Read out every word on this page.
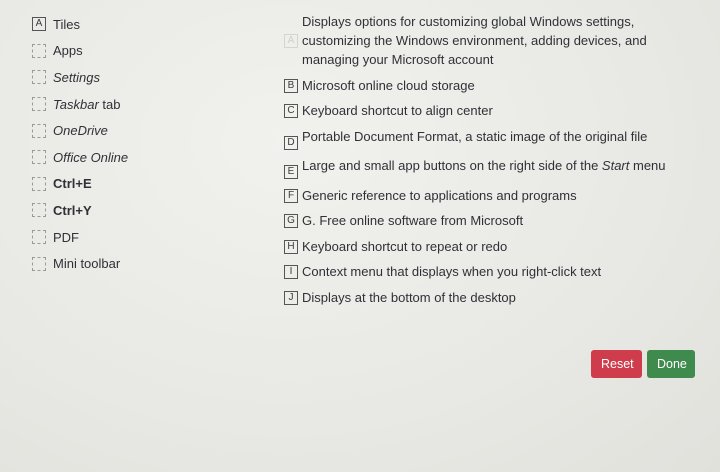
A Tiles
Apps
Settings
Taskbar tab
OneDrive
Office Online
Ctrl+E
Ctrl+Y
PDF
Mini toolbar
A
Displays options for customizing global Windows settings, customizing the Windows environment, adding devices, and managing your Microsoft account
B Microsoft online cloud storage
C Keyboard shortcut to align center
D Portable Document Format, a static image of the original file
E Large and small app buttons on the right side of the Start menu
F Generic reference to applications and programs
G G. Free online software from Microsoft
H Keyboard shortcut to repeat or redo
I Context menu that displays when you right-click text
J Displays at the bottom of the desktop
Reset	Done
